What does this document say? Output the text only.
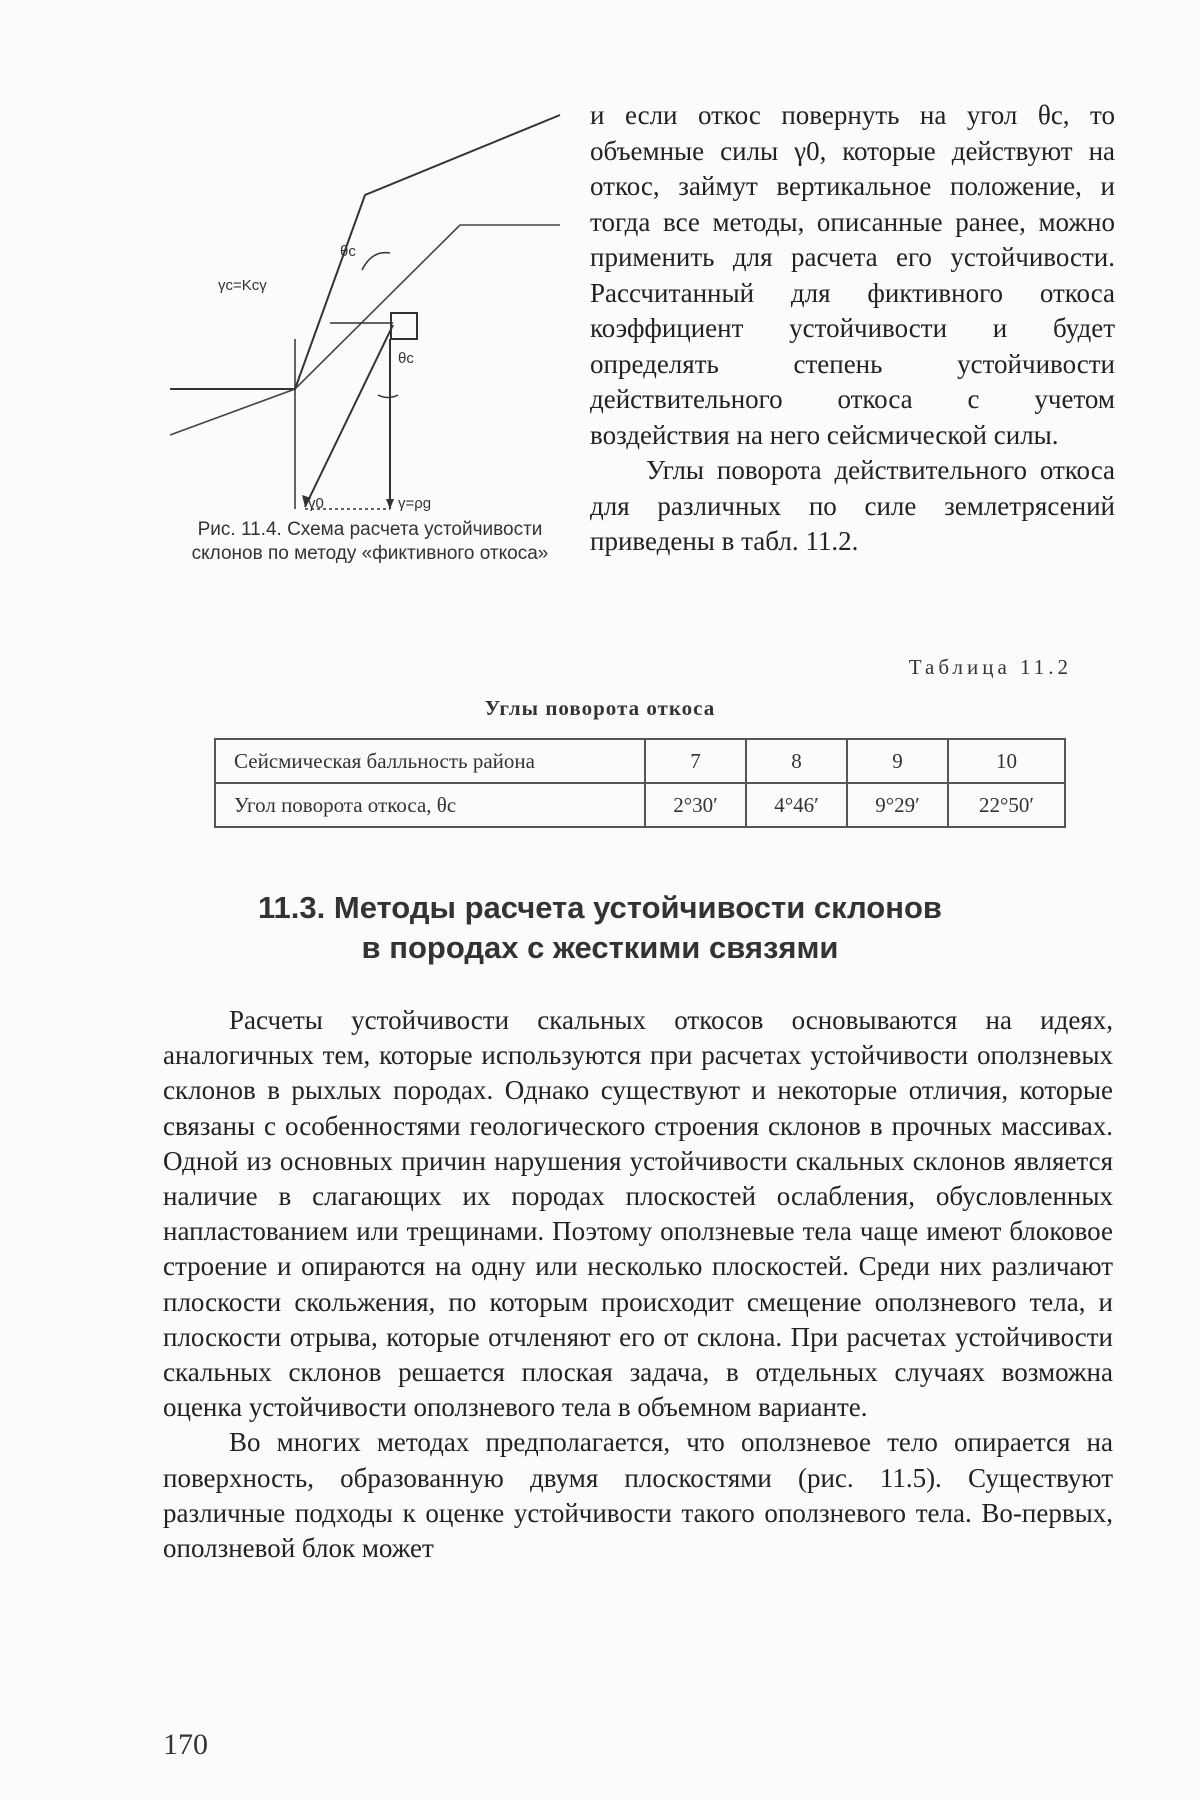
γc=Kcγ
θc
θc
γ0	γ=ρg
Рис. 11.4. Схема расчета устойчивости склонов по методу «фиктивного откоса»

и если откос повернуть на угол θc, то объемные силы γ0, которые действуют на откос, займут вертикальное положение, и тогда все методы, описанные ранее, можно применить для расчета его устойчивости. Рассчитанный для фиктивного откоса коэффициент устойчивости и будет определять степень устойчивости действительного откоса с учетом воздействия на него сейсмической силы.

Углы поворота действительного откоса для различных по силе землетрясений приведены в табл. 11.2.

Таблица 11.2
Углы поворота откоса
Сейсмическая балльность района	7	8	9	10
Угол поворота откоса, θc	2°30′	4°46′	9°29′	22°50′
11.3. Методы расчета устойчивости склонов
в породах с жесткими связями

Расчеты устойчивости скальных откосов основываются на идеях, аналогичных тем, которые используются при расчетах устойчивости оползневых склонов в рыхлых породах. Однако существуют и некоторые отличия, которые связаны с особенностями геологического строения склонов в прочных массивах. Одной из основных причин нарушения устойчивости скальных склонов является наличие в слагающих их породах плоскостей ослабления, обусловленных напластованием или трещинами. Поэтому оползневые тела чаще имеют блоковое строение и опираются на одну или несколько плоскостей. Среди них различают плоскости скольжения, по которым происходит смещение оползневого тела, и плоскости отрыва, которые отчленяют его от склона. При расчетах устойчивости скальных склонов решается плоская задача, в отдельных случаях возможна оценка устойчивости оползневого тела в объемном варианте.

Во многих методах предполагается, что оползневое тело опирается на поверхность, образованную двумя плоскостями (рис. 11.5). Существуют различные подходы к оценке устойчивости такого оползневого тела. Во-первых, оползневой блок может

170
